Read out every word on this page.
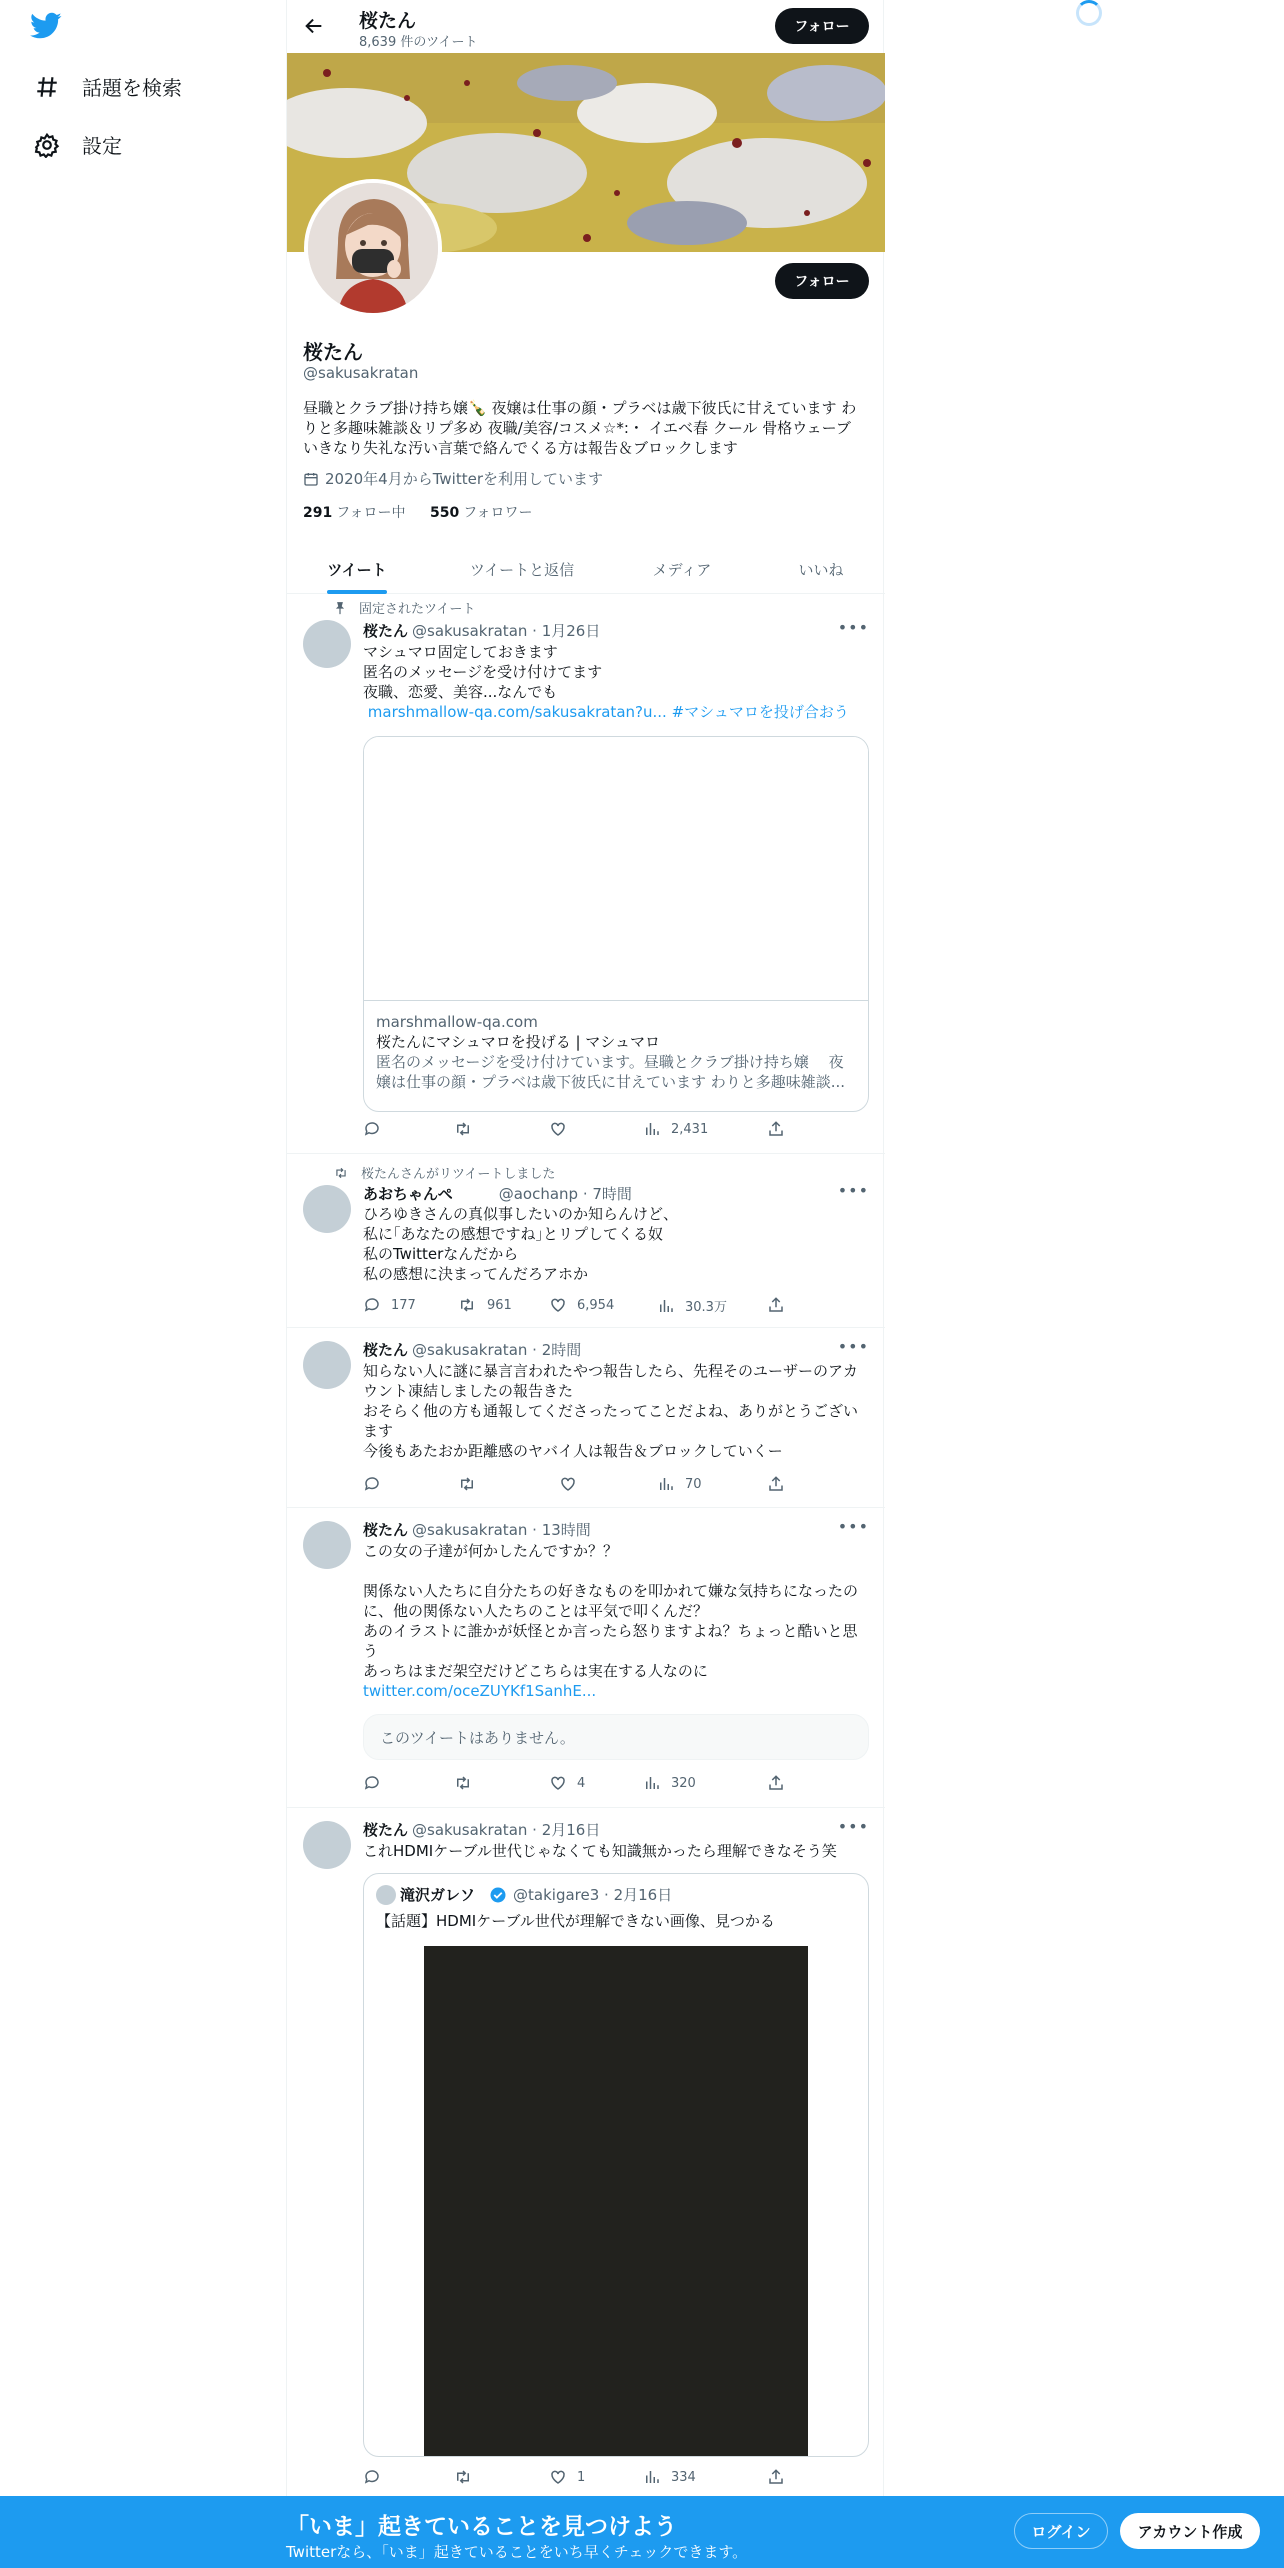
話題を検索
設定
桜たん
8,639 件のツイート
フォロー
フォロー
桜たん
@sakusakratan
昼職とクラブ掛け持ち嬢🍾 夜嬢は仕事の顔・プラベは歳下彼氏に甘えています わりと多趣味雑談＆リプ多め 夜職/美容/コスメ☆*:・ イエベ春 クール 骨格ウェーブ いきなり失礼な汚い言葉で絡んでくる方は報告＆ブロックします
2020年4月からTwitterを利用しています
291 フォロー中 550 フォロワー
ツイート	ツイートと返信	メディア	いいね
固定されたツイート
桜たん @sakusakratan · 1月26日	•••
マシュマロ固定しておきます
匿名のメッセージを受け付けてます
夜職、恋愛、美容...なんでも
marshmallow-qa.com/sakusakratan?u... #マシュマロを投げ合おう
marshmallow-qa.com
桜たんにマシュマロを投げる | マシュマロ
匿名のメッセージを受け付けています。昼職とクラブ掛け持ち嬢　 夜嬢は仕事の顔・プラベは歳下彼氏に甘えています わりと多趣味雑談...
2,431
桜たんさんがリツイートしました
あおちゃんぺ	@aochanp · 7時間	•••
ひろゆきさんの真似事したいのか知らんけど、
私に｢あなたの感想ですね｣とリプしてくる奴
私のTwitterなんだから
私の感想に決まってんだろアホか
177	961	6,954	30.3万
桜たん @sakusakratan · 2時間	•••
知らない人に謎に暴言言われたやつ報告したら、先程そのユーザーのアカウント凍結しましたの報告きた
おそらく他の方も通報してくださったってことだよね、ありがとうございます
今後もあたおか距離感のヤバイ人は報告＆ブロックしていくー
70
桜たん @sakusakratan · 13時間	•••
この女の子達が何かしたんですか？？

関係ない人たちに自分たちの好きなものを叩かれて嫌な気持ちになったのに、他の関係ない人たちのことは平気で叩くんだ？
あのイラストに誰かが妖怪とか言ったら怒りますよね？ちょっと酷いと思う
あっちはまだ架空だけどこちらは実在する人なのに
twitter.com/oceZUYKf1SanhE...
このツイートはありません。
4	320
桜たん @sakusakratan · 2月16日	•••
これHDMIケーブル世代じゃなくても知識無かったら理解できなそう笑
滝沢ガレソ	@takigare3 · 2月16日
【話題】HDMIケーブル世代が理解できない画像、見つかる
1	334
「いま」起きていることを見つけよう
Twitterなら、「いま」起きていることをいち早くチェックできます。
ログイン	アカウント作成
